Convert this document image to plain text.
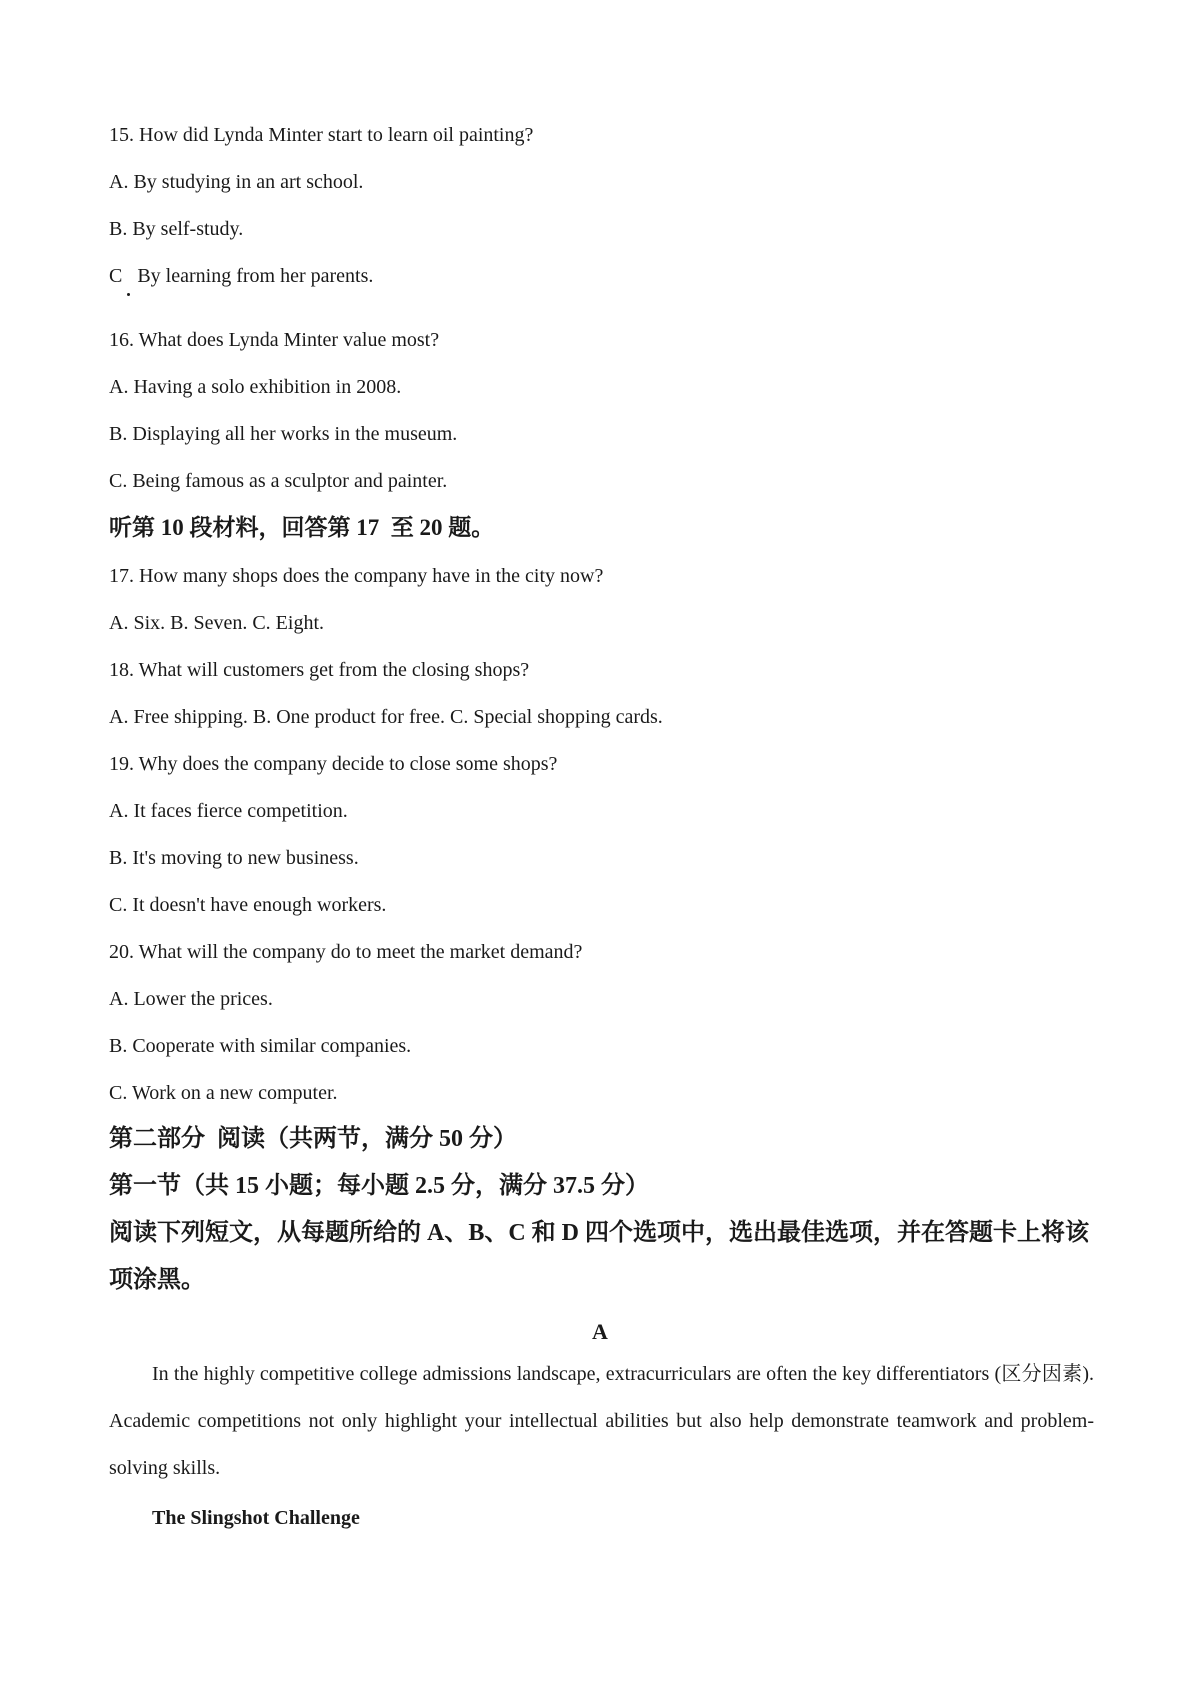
15. How did Lynda Minter start to learn oil painting?
A. By studying in an art school.
B. By self-study.
C   By learning from her parents.
16. What does Lynda Minter value most?
A. Having a solo exhibition in 2008.
B. Displaying all her works in the museum.
C. Being famous as a sculptor and painter.
听第 10 段材料，回答第 17  至 20 题。
17. How many shops does the company have in the city now?
A. Six. B. Seven. C. Eight.
18. What will customers get from the closing shops?
A. Free shipping. B. One product for free. C. Special shopping cards.
19. Why does the company decide to close some shops?
A. It faces fierce competition.
B. It's moving to new business.
C. It doesn't have enough workers.
20. What will the company do to meet the market demand?
A. Lower the prices.
B. Cooperate with similar companies.
C. Work on a new computer.
第二部分  阅读（共两节，满分 50 分）
第一节（共 15 小题；每小题 2.5 分，满分 37.5 分）
阅读下列短文，从每题所给的 A、B、C 和 D 四个选项中，选出最佳选项，并在答题卡上将该
项涂黑。
A
In the highly competitive college admissions landscape, extracurriculars are often the key differentiators (区分因素). Academic competitions not only highlight your intellectual abilities but also help demonstrate teamwork and problem-solving skills.
The Slingshot Challenge
